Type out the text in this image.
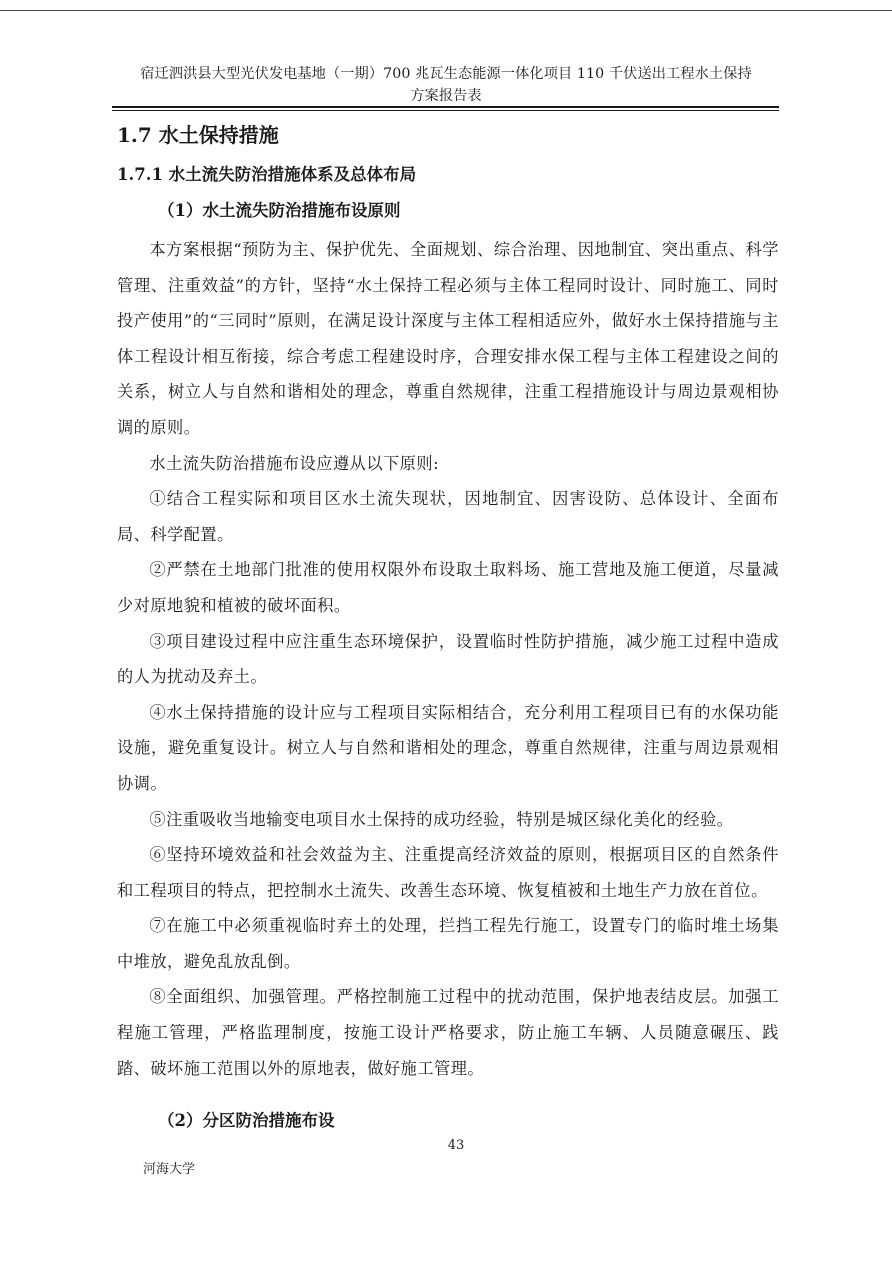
宿迁泗洪县大型光伏发电基地（一期）700 兆瓦生态能源一体化项目 110 千伏送出工程水土保持
方案报告表
1.7 水土保持措施
1.7.1 水土流失防治措施体系及总体布局
（1）水土流失防治措施布设原则

本方案根据“预防为主、保护优先、全面规划、综合治理、因地制宜、突出重点、科学管理、注重效益”的方针，坚持“水土保持工程必须与主体工程同时设计、同时施工、同时投产使用”的“三同时”原则，在满足设计深度与主体工程相适应外，做好水土保持措施与主体工程设计相互衔接，综合考虑工程建设时序，合理安排水保工程与主体工程建设之间的关系，树立人与自然和谐相处的理念，尊重自然规律，注重工程措施设计与周边景观相协调的原则。

水土流失防治措施布设应遵从以下原则:

①结合工程实际和项目区水土流失现状，因地制宜、因害设防、总体设计、全面布局、科学配置。

②严禁在土地部门批准的使用权限外布设取土取料场、施工营地及施工便道，尽量减少对原地貌和植被的破坏面积。

③项目建设过程中应注重生态环境保护，设置临时性防护措施，减少施工过程中造成的人为扰动及弃土。

④水土保持措施的设计应与工程项目实际相结合，充分利用工程项目已有的水保功能设施，避免重复设计。树立人与自然和谐相处的理念，尊重自然规律，注重与周边景观相协调。

⑤注重吸收当地输变电项目水土保持的成功经验，特别是城区绿化美化的经验。

⑥坚持环境效益和社会效益为主、注重提高经济效益的原则，根据项目区的自然条件和工程项目的特点，把控制水土流失、改善生态环境、恢复植被和土地生产力放在首位。

⑦在施工中必须重视临时弃土的处理，拦挡工程先行施工，设置专门的临时堆土场集中堆放，避免乱放乱倒。

⑧全面组织、加强管理。严格控制施工过程中的扰动范围，保护地表结皮层。加强工程施工管理，严格监理制度，按施工设计严格要求，防止施工车辆、人员随意碾压、践踏、破坏施工范围以外的原地表，做好施工管理。

（2）分区防治措施布设
43
河海大学
